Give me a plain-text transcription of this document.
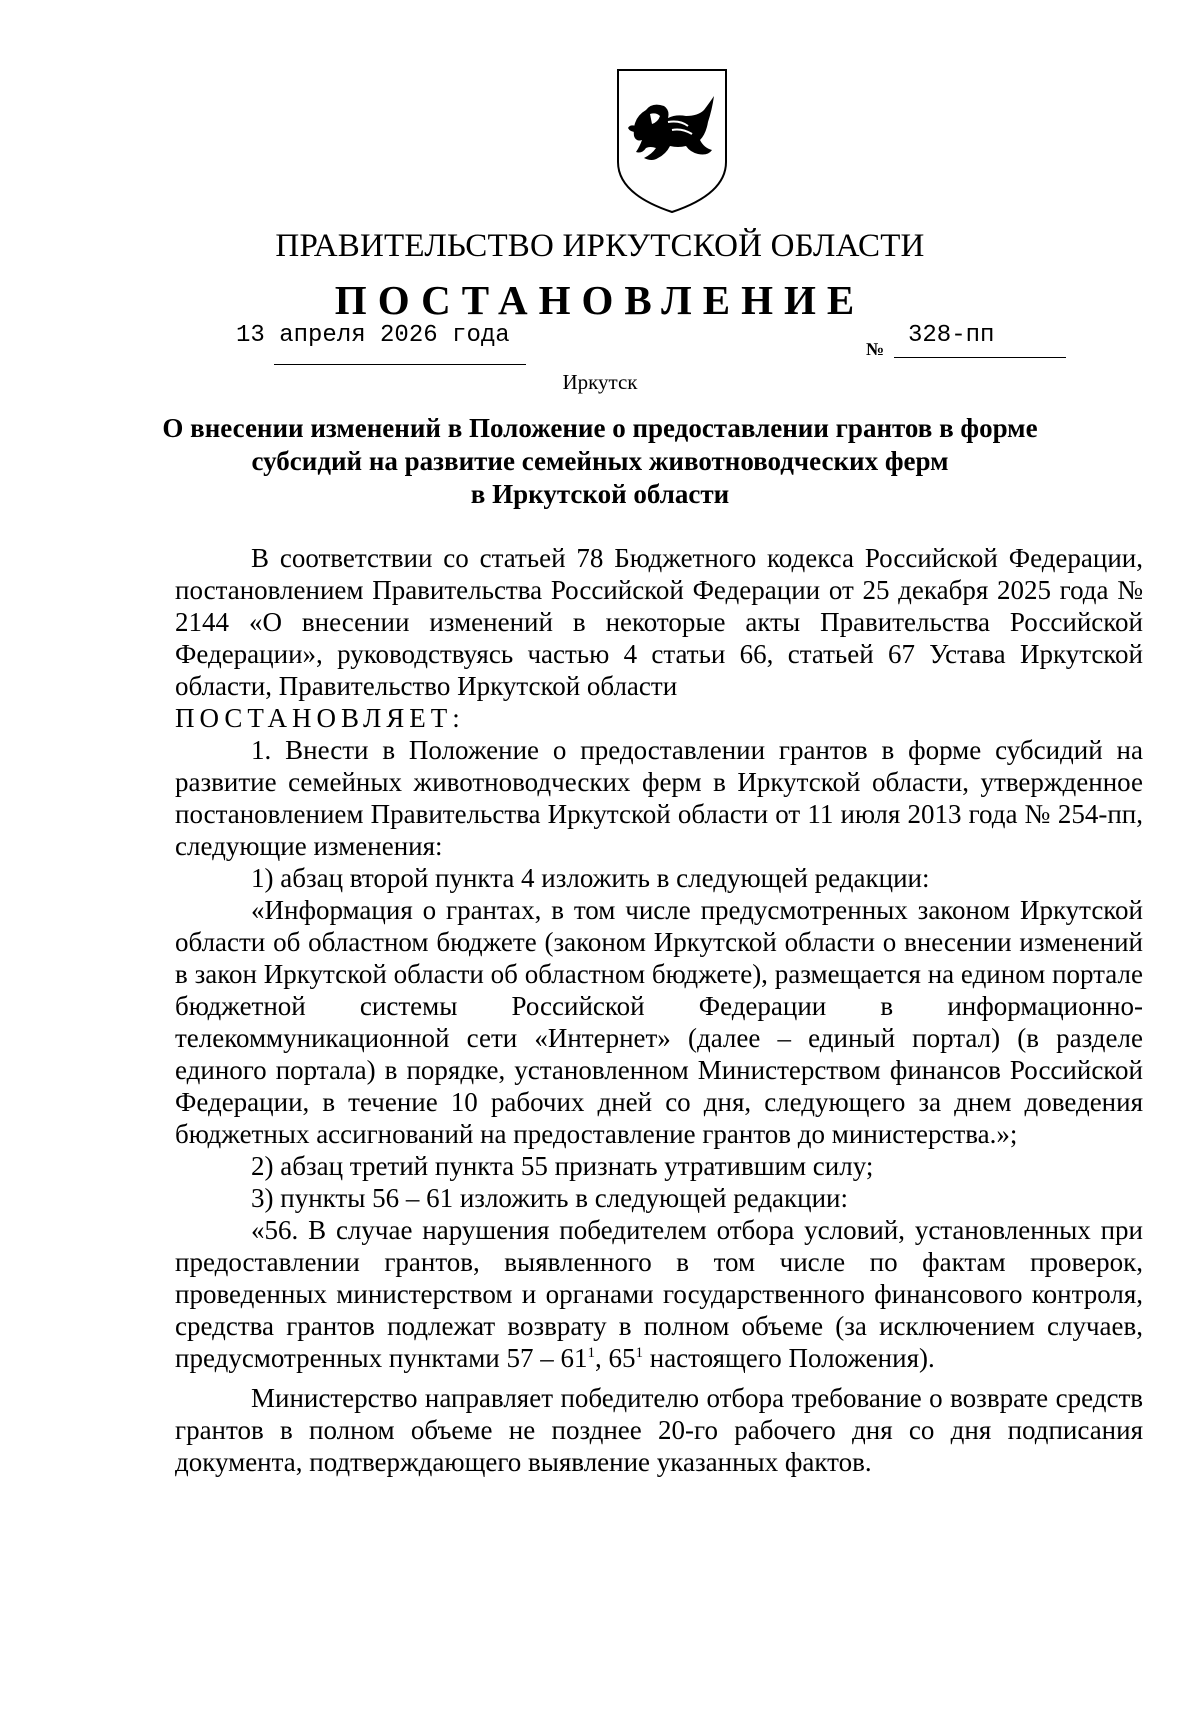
ПРАВИТЕЛЬСТВО ИРКУТСКОЙ ОБЛАСТИ
ПОСТАНОВЛЕНИЕ
13 апреля 2026 года	№ 328-пп
Иркутск
О внесении изменений в Положение о предоставлении грантов в форме
субсидий на развитие семейных животноводческих ферм
в Иркутской области

В соответствии со статьей 78 Бюджетного кодекса Российской Федерации, постановлением Правительства Российской Федерации от 25 декабря 2025 года № 2144 «О внесении изменений в некоторые акты Правительства Российской Федерации», руководствуясь частью 4 статьи 66, статьей 67 Устава Иркутской области, Правительство Иркутской области

ПОСТАНОВЛЯЕТ:

1. Внести в Положение о предоставлении грантов в форме субсидий на развитие семейных животноводческих ферм в Иркутской области, утвержденное постановлением Правительства Иркутской области от 11 июля 2013 года № 254-пп, следующие изменения:

1) абзац второй пункта 4 изложить в следующей редакции:

«Информация о грантах, в том числе предусмотренных законом Иркутской области об областном бюджете (законом Иркутской области о внесении изменений в закон Иркутской области об областном бюджете), размещается на едином портале бюджетной системы Российской Федерации в информационно-телекоммуникационной сети «Интернет» (далее – единый портал) (в разделе единого портала) в порядке, установленном Министерством финансов Российской Федерации, в течение 10 рабочих дней со дня, следующего за днем доведения бюджетных ассигнований на предоставление грантов до министерства.»;

2) абзац третий пункта 55 признать утратившим силу;

3) пункты 56 – 61 изложить в следующей редакции:

«56. В случае нарушения победителем отбора условий, установленных при предоставлении грантов, выявленного в том числе по фактам проверок, проведенных министерством и органами государственного финансового контроля, средства грантов подлежат возврату в полном объеме (за исключением случаев, предусмотренных пунктами $57 - 61^1$, $65^1$ настоящего Положения).

Министерство направляет победителю отбора требование о возврате средств грантов в полном объеме не позднее 20-го рабочего дня со дня подписания документа, подтверждающего выявление указанных фактов.
